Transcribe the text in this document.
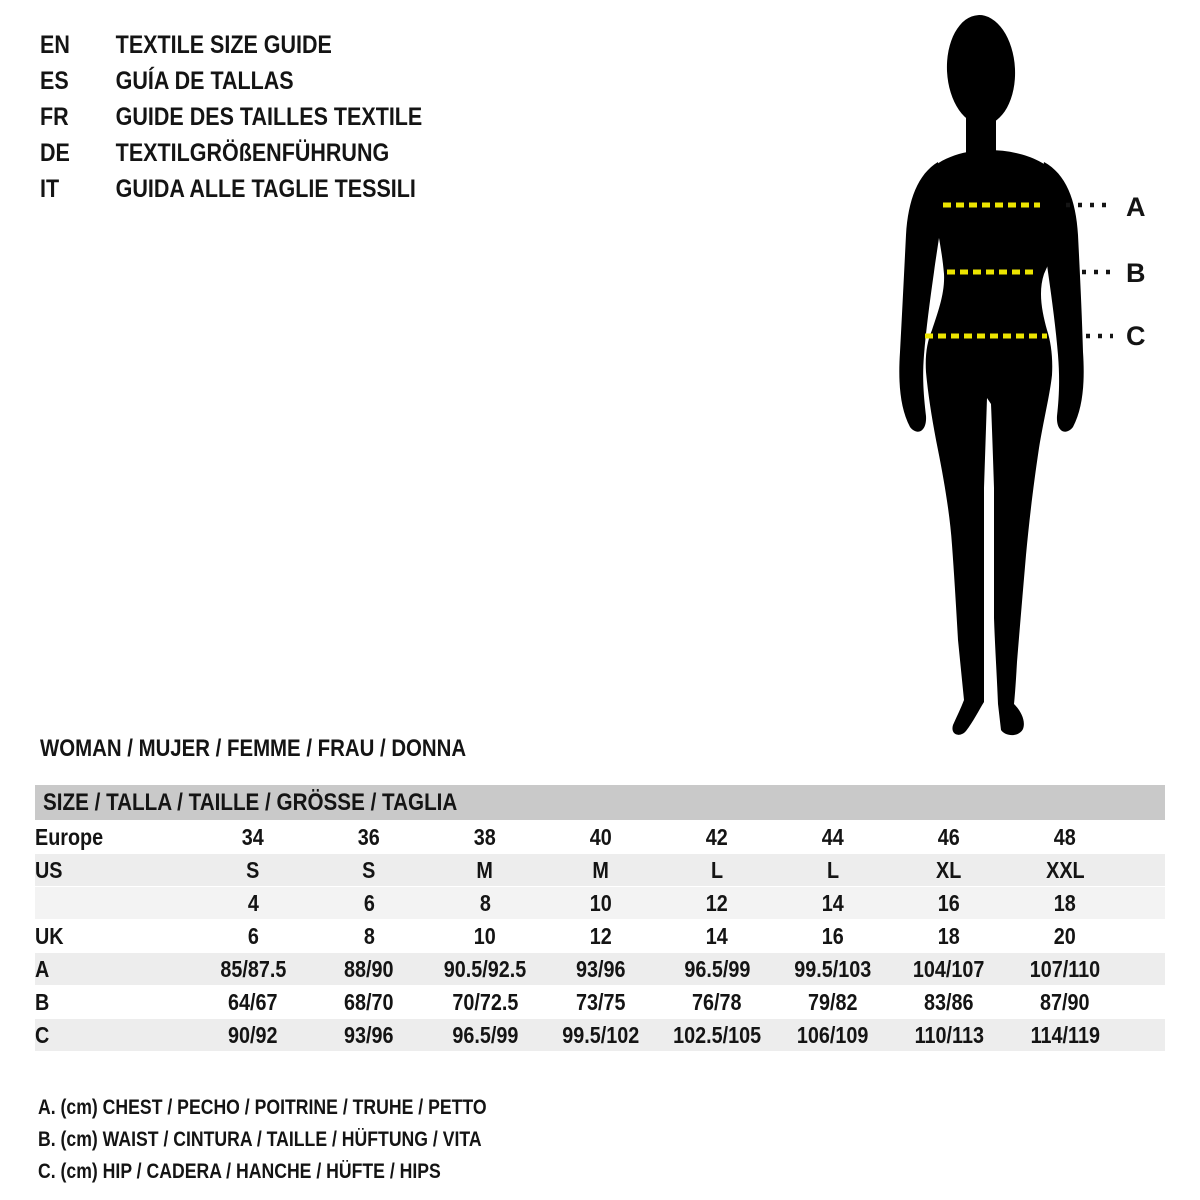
EN TEXTILE SIZE GUIDE
ES GUÍA DE TALLAS
FR GUIDE DES TAILLES TEXTILE
DE TEXTILGRÖßENFÜHRUNG
IT GUIDA ALLE TAGLIE TESSILI
A
B
C
WOMAN / MUJER / FEMME / FRAU / DONNA
SIZE / TALLA / TAILLE / GRÖSSE / TAGLIA									
Europe	34	36	38	40	42	44	46	48	
US	S	S	M	M	L	L	XL	XXL	
	4	6	8	10	12	14	16	18	
UK	6	8	10	12	14	16	18	20	
A	85/87.5	88/90	90.5/92.5	93/96	96.5/99	99.5/103	104/107	107/110	
B	64/67	68/70	70/72.5	73/75	76/78	79/82	83/86	87/90	
C	90/92	93/96	96.5/99	99.5/102	102.5/105	106/109	110/113	114/119	
A. (cm) CHEST / PECHO / POITRINE / TRUHE / PETTO
B. (cm) WAIST / CINTURA / TAILLE / HÜFTUNG / VITA
C. (cm) HIP / CADERA / HANCHE / HÜFTE / HIPS
